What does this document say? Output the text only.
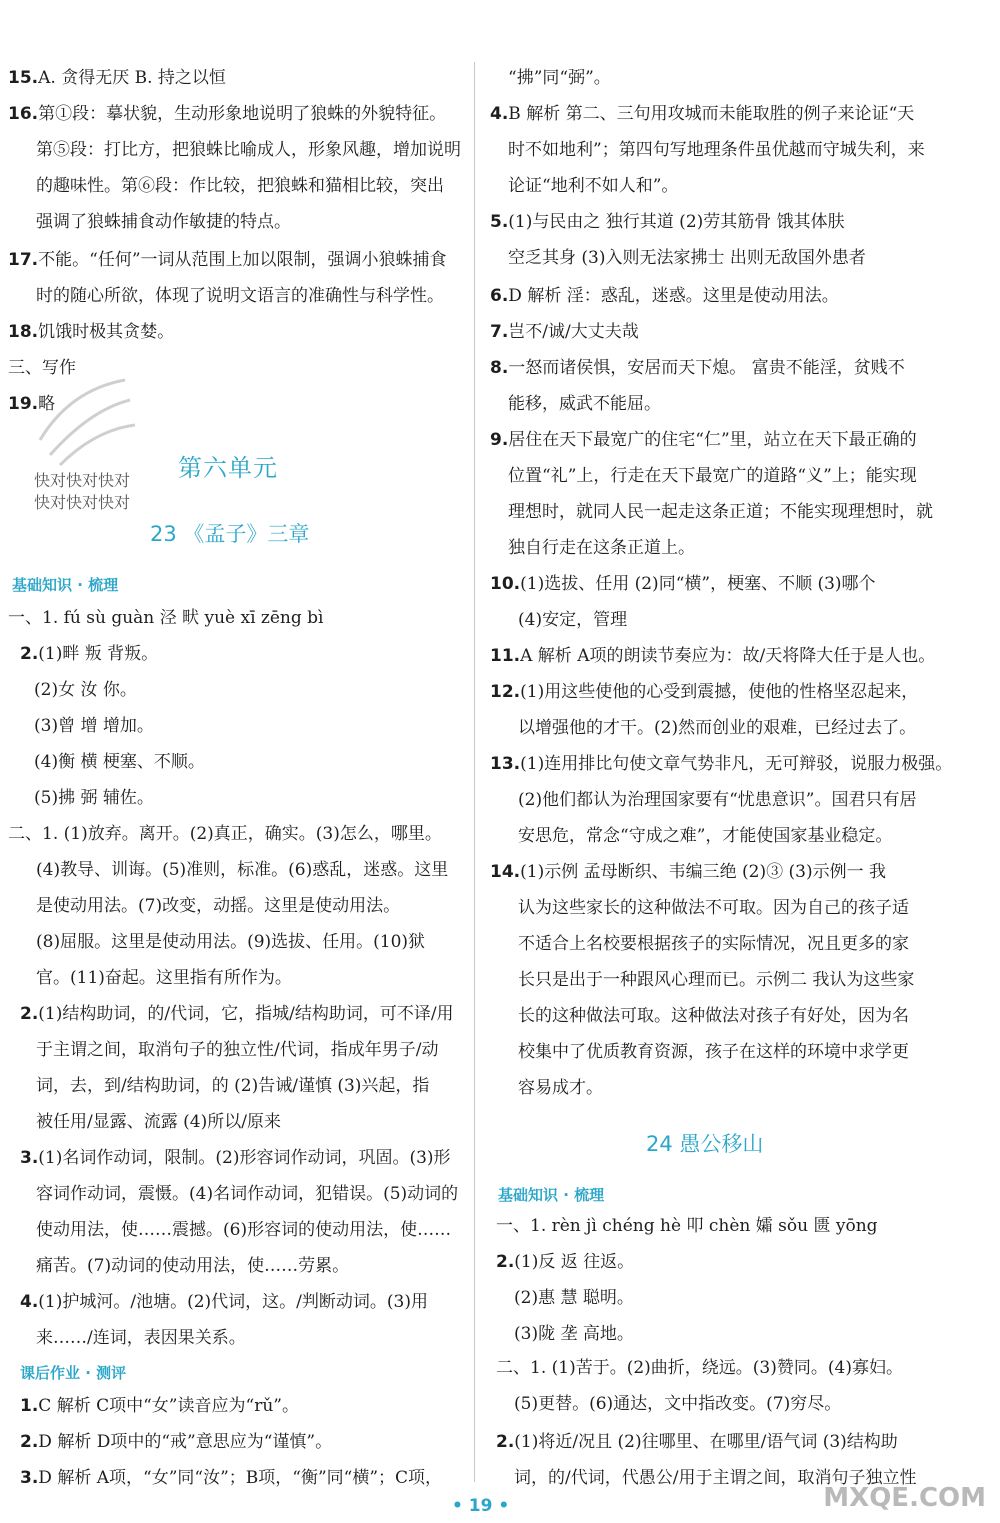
第六单元
快对快对快对
快对快对快对
23 《孟子》三章
基础知识 · 梳理
课后作业 · 测评
24 愚公移山
基础知识 · 梳理
15.A. 贪得无厌 B. 持之以恒
16.第①段：摹状貌，生动形象地说明了狼蛛的外貌特征。
第⑤段：打比方，把狼蛛比喻成人，形象风趣，增加说明
的趣味性。第⑥段：作比较，把狼蛛和猫相比较，突出
强调了狼蛛捕食动作敏捷的特点。
17.不能。“任何”一词从范围上加以限制，强调小狼蛛捕食
时的随心所欲，体现了说明文语言的准确性与科学性。
18.饥饿时极其贪婪。
三、写作
19.略
一、1. fú sù guàn 泾 畎 yuè xī zēng bì
2.(1)畔 叛 背叛。
(2)女 汝 你。
(3)曾 增 增加。
(4)衡 横 梗塞、不顺。
(5)拂 弼 辅佐。
二、1. (1)放弃。离开。(2)真正，确实。(3)怎么，哪里。
(4)教导、训诲。(5)准则，标准。(6)惑乱，迷惑。这里
是使动用法。(7)改变，动摇。这里是使动用法。
(8)屈服。这里是使动用法。(9)选拔、任用。(10)狱
官。(11)奋起。这里指有所作为。
2.(1)结构助词，的/代词，它，指城/结构助词，可不译/用
于主谓之间，取消句子的独立性/代词，指成年男子/动
词，去，到/结构助词，的 (2)告诫/谨慎 (3)兴起，指
被任用/显露、流露 (4)所以/原来
3.(1)名词作动词，限制。(2)形容词作动词，巩固。(3)形
容词作动词，震慑。(4)名词作动词，犯错误。(5)动词的
使动用法，使……震撼。(6)形容词的使动用法，使……
痛苦。(7)动词的使动用法，使……劳累。
4.(1)护城河。/池塘。(2)代词，这。/判断动词。(3)用
来……/连词，表因果关系。
1.C 解析 C项中“女”读音应为“rǔ”。
2.D 解析 D项中的“戒”意思应为“谨慎”。
3.D 解析 A项，“女”同“汝”；B项，“衡”同“横”；C项，
“拂”同“弼”。
4.B 解析 第二、三句用攻城而未能取胜的例子来论证“天
时不如地利”；第四句写地理条件虽优越而守城失利，来
论证“地利不如人和”。
5.(1)与民由之 独行其道 (2)劳其筋骨 饿其体肤
空乏其身 (3)入则无法家拂士 出则无敌国外患者
6.D 解析 淫：惑乱，迷惑。这里是使动用法。
7.岂不/诚/大丈夫哉
8.一怒而诸侯惧，安居而天下熄。 富贵不能淫，贫贱不
能移，威武不能屈。
9.居住在天下最宽广的住宅“仁”里，站立在天下最正确的
位置“礼”上，行走在天下最宽广的道路“义”上；能实现
理想时，就同人民一起走这条正道；不能实现理想时，就
独自行走在这条正道上。
10.(1)选拔、任用 (2)同“横”，梗塞、不顺 (3)哪个
(4)安定，管理
11.A 解析 A项的朗读节奏应为：故/天将降大任于是人也。
12.(1)用这些使他的心受到震撼，使他的性格坚忍起来，
以增强他的才干。(2)然而创业的艰难，已经过去了。
13.(1)连用排比句使文章气势非凡，无可辩驳，说服力极强。
(2)他们都认为治理国家要有“忧患意识”。国君只有居
安思危，常念“守成之难”，才能使国家基业稳定。
14.(1)示例 孟母断织、韦编三绝 (2)③ (3)示例一 我
认为这些家长的这种做法不可取。因为自己的孩子适
不适合上名校要根据孩子的实际情况，况且更多的家
长只是出于一种跟风心理而已。示例二 我认为这些家
长的这种做法可取。这种做法对孩子有好处，因为名
校集中了优质教育资源，孩子在这样的环境中求学更
容易成才。
一、1. rèn jì chéng hè 叩 chèn 孀 sǒu 匮 yōng
2.(1)反 返 往返。
(2)惠 慧 聪明。
(3)陇 垄 高地。
二、1. (1)苦于。(2)曲折，绕远。(3)赞同。(4)寡妇。
(5)更替。(6)通达，文中指改变。(7)穷尽。
2.(1)将近/况且 (2)往哪里、在哪里/语气词 (3)结构助
词，的/代词，代愚公/用于主谓之间，取消句子独立性
• 19 •	MXQE.COM
